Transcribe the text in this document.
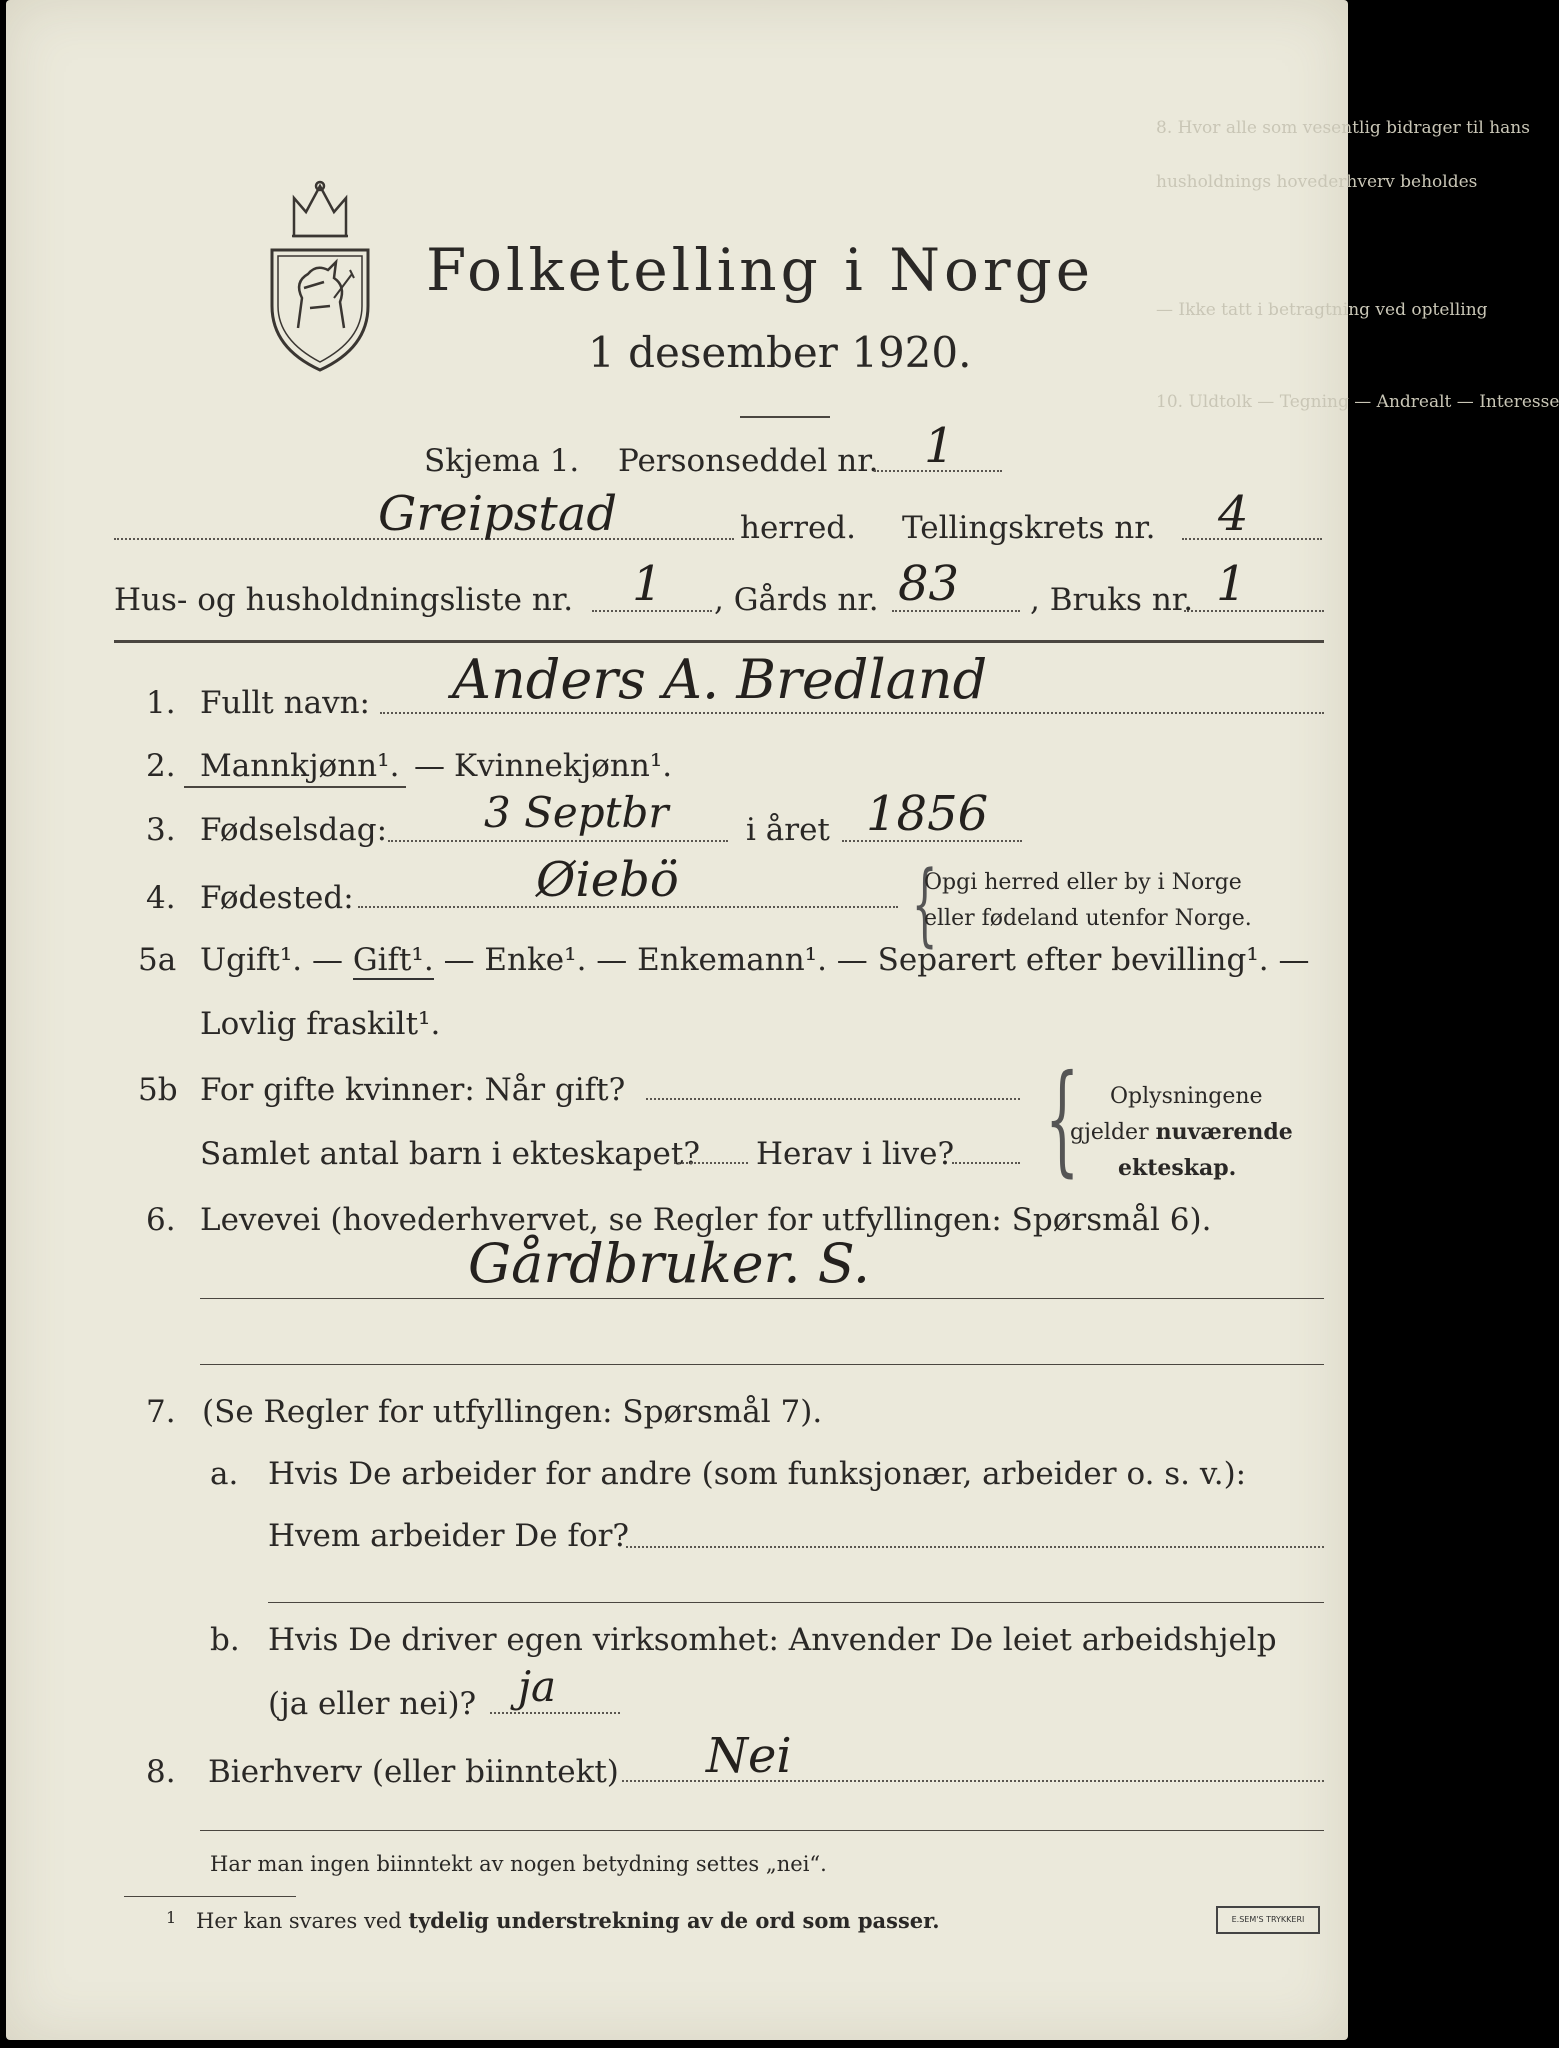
8. Hvor alle som vesentlig bidrager til hans
husholdnings hovederhverv beholdes
— Ikke tatt i betragtning ved optelling
10. Uldtolk — Tegning — Andrealt — Interesse
Folketelling i Norge
1 desember 1920.
Skjema 1. Personseddel nr. 1
Greipstad	herred. Tellingskrets nr. 4
Hus- og husholdningsliste nr. 1 , Gårds nr. 83 , Bruks nr. 1
1. Fullt navn: Anders A. Bredland
2. Mannkjønn¹. — Kvinnekjønn¹.
3. Fødselsdag: 3 Septbr	i året 1856
4. Fødested:	Øiebö	{
Opgi herred eller by i Norge
eller fødeland utenfor Norge.
5a Ugift¹. — Gift¹. — Enke¹. — Enkemann¹. — Separert efter bevilling¹. —
Lovlig fraskilt¹.
5b For gifte kvinner: Når gift?
Samlet antal barn i ekteskapet? Herav i live? { Oplysningene
gjelder nuværende
ekteskap.
6. Levevei (hovederhvervet, se Regler for utfyllingen: Spørsmål 6).
Gårdbruker. S.
7. (Se Regler for utfyllingen: Spørsmål 7).
a. Hvis De arbeider for andre (som funksjonær, arbeider o. s. v.):
Hvem arbeider De for?
b. Hvis De driver egen virksomhet: Anvender De leiet arbeidshjelp
(ja eller nei)? ja
8. Bierhverv (eller biinntekt) Nei
Har man ingen biinntekt av nogen betydning settes „nei“.
1 Her kan svares ved tydelig understrekning av de ord som passer.	E.SEM'S TRYKKERI
